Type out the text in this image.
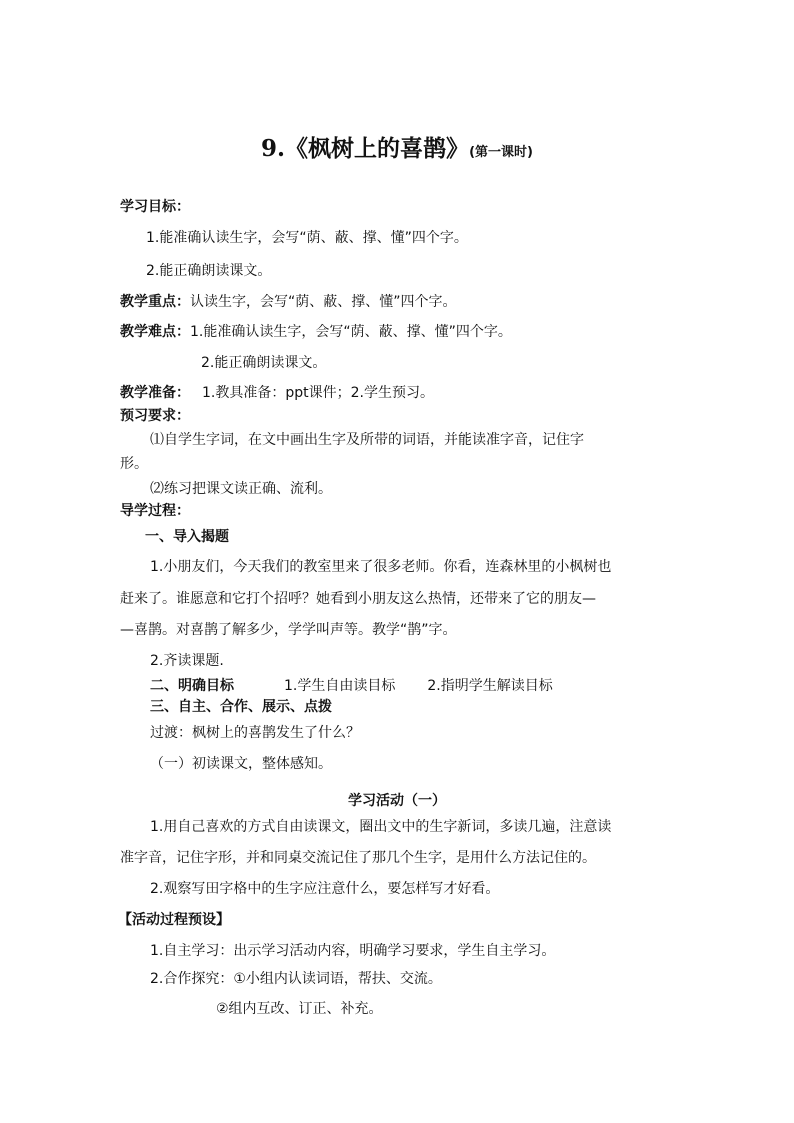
9.《枫树上的喜鹊》(第一课时)
学习目标：
1.能准确认读生字，会写“荫、蔽、撑、懂”四个字。
2.能正确朗读课文。
教学重点：认读生字，会写“荫、蔽、撑、懂”四个字。
教学难点：1.能准确认读生字，会写“荫、蔽、撑、懂”四个字。
2.能正确朗读课文。
教学准备： 1.教具准备：ppt课件；2.学生预习。
预习要求：
⑴自学生字词，在文中画出生字及所带的词语，并能读准字音，记住字
形。
⑵练习把课文读正确、流利。
导学过程：
一、导入揭题
1.小朋友们，今天我们的教室里来了很多老师。你看，连森林里的小枫树也
赶来了。谁愿意和它打个招呼？她看到小朋友这么热情，还带来了它的朋友—
—喜鹊。对喜鹊了解多少，学学叫声等。教学“鹊”字。
2.齐读课题.
二、明确目标	1.学生自由读目标 2.指明学生解读目标
三、自主、合作、展示、点拨
过渡：枫树上的喜鹊发生了什么？
（一）初读课文，整体感知。
学习活动（一）
1.用自己喜欢的方式自由读课文，圈出文中的生字新词，多读几遍，注意读
准字音，记住字形，并和同桌交流记住了那几个生字，是用什么方法记住的。
2.观察写田字格中的生字应注意什么，要怎样写才好看。
【活动过程预设】
1.自主学习：出示学习活动内容，明确学习要求，学生自主学习。
2.合作探究：①小组内认读词语，帮扶、交流。
②组内互改、订正、补充。
